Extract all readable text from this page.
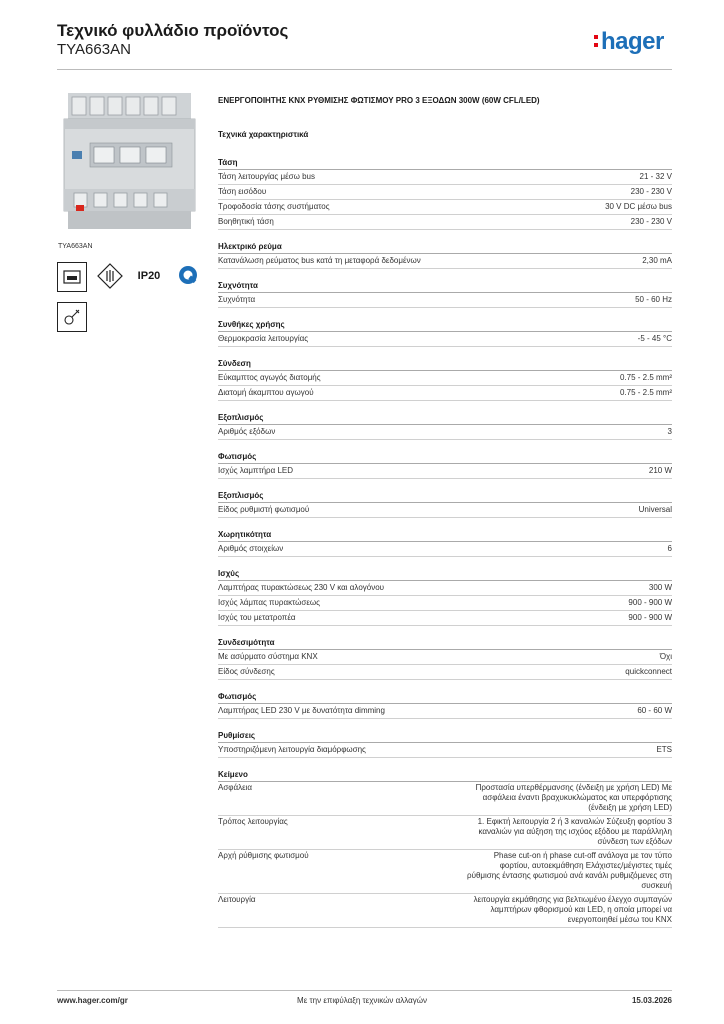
Τεχνικό φυλλάδιο προϊόντος
TYA663AN	hager
TYA663AN
IP20
ΕΝΕΡΓΟΠΟΙΗΤΗΣ KNX ΡΥΘΜΙΣΗΣ ΦΩΤΙΣΜΟΥ PRO 3 ΕΞΟΔΩΝ 300W (60W CFL/LED)
Τεχνικά χαρακτηριστικά
Τάση
Τάση λειτουργίας μέσω bus	21 - 32 V
Τάση εισόδου	230 - 230 V
Τροφοδοσία τάσης συστήματος	30 V DC μέσω bus
Βοηθητική τάση	230 - 230 V
Ηλεκτρικό ρεύμα
Κατανάλωση ρεύματος bus κατά τη μεταφορά δεδομένων	2,30 mA
Συχνότητα
Συχνότητα	50 - 60 Hz
Συνθήκες χρήσης
Θερμοκρασία λειτουργίας	-5 - 45 °C
Σύνδεση
Εύκαμπτος αγωγός διατομής	0.75 - 2.5 mm²
Διατομή άκαμπτου αγωγού	0.75 - 2.5 mm²
Εξοπλισμός
Αριθμός εξόδων	3
Φωτισμός
Ισχύς λαμπτήρα LED	210 W
Εξοπλισμός
Είδος ρυθμιστή φωτισμού	Universal
Χωρητικότητα
Αριθμός στοιχείων	6
Ισχύς
Λαμπτήρας πυρακτώσεως 230 V και αλογόνου	300 W
Ισχύς λάμπας πυρακτώσεως	900 - 900 W
Ισχύς του μετατροπέα	900 - 900 W
Συνδεσιμότητα
Με ασύρματο σύστημα KNX	Όχι
Είδος σύνδεσης	quickconnect
Φωτισμός
Λαμπτήρας LED 230 V με δυνατότητα dimming	60 - 60 W
Ρυθμίσεις
Υποστηριζόμενη λειτουργία διαμόρφωσης	ETS
Κείμενο
Ασφάλεια	Προστασία υπερθέρμανσης (ένδειξη με χρήση LED) Με ασφάλεια έναντι βραχυκυκλώματος και υπερφόρτισης (ένδειξη με χρήση LED)
Τρόπος λειτουργίας	1. Εφικτή λειτουργία 2 ή 3 καναλιών Σύζευξη φορτίου 3 καναλιών για αύξηση της ισχύος εξόδου με παράλληλη σύνδεση των εξόδων
Αρχή ρύθμισης φωτισμού	Phase cut-on ή phase cut-off ανάλογα με τον τύπο φορτίου, αυτοεκμάθηση Ελάχιστες/μέγιστες τιμές ρύθμισης έντασης φωτισμού ανά κανάλι ρυθμιζόμενες στη συσκευή
Λειτουργία	λειτουργία εκμάθησης για βελτιωμένο έλεγχο συμπαγών λαμπτήρων φθορισμού και LED, η οποία μπορεί να ενεργοποιηθεί μέσω του KNX
www.hager.com/gr	Με την επιφύλαξη τεχνικών αλλαγών	15.03.2026
